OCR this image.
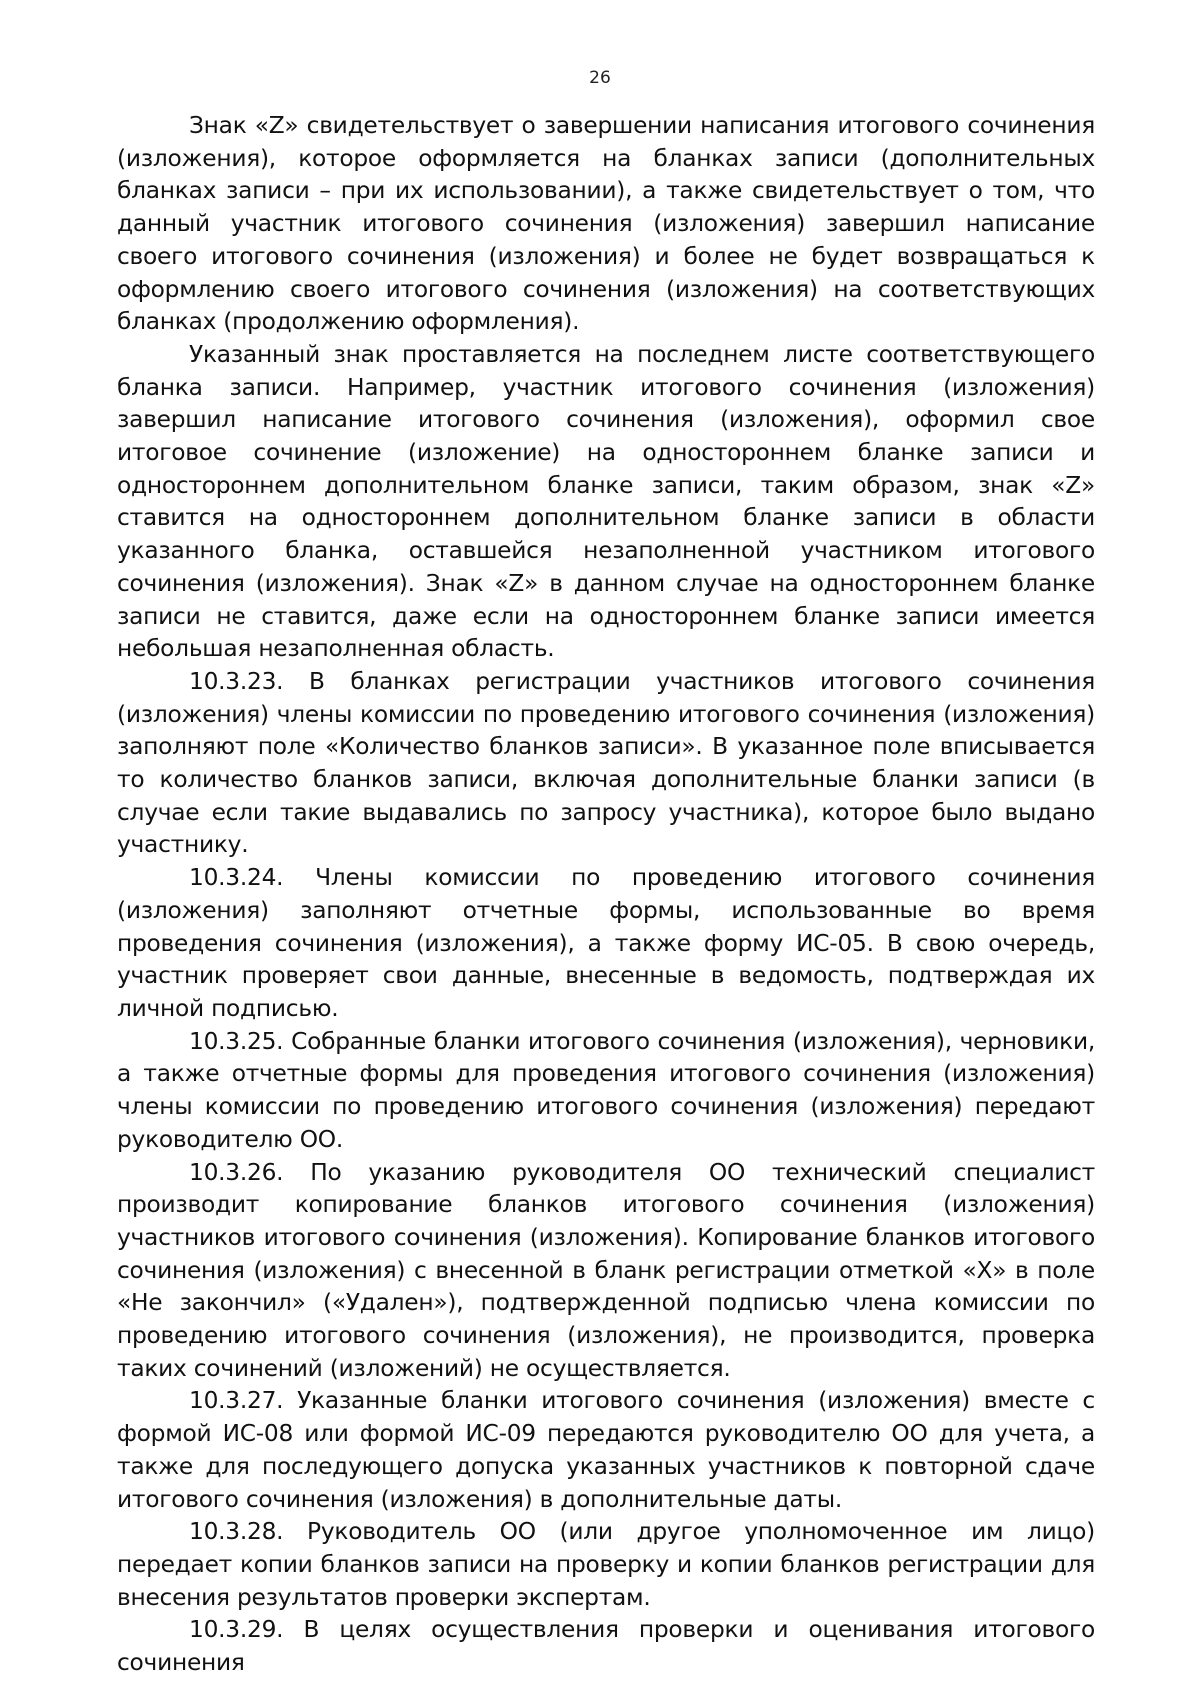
26

Знак «Z» свидетельствует о завершении написания итогового сочинения (изложения), которое оформляется на бланках записи (дополнительных бланках записи – при их использовании), а также свидетельствует о том, что данный участник итогового сочинения (изложения) завершил написание своего итогового сочинения (изложения) и более не будет возвращаться к оформлению своего итогового сочинения (изложения) на соответствующих бланках (продолжению оформления).

Указанный знак проставляется на последнем листе соответствующего бланка записи. Например, участник итогового сочинения (изложения) завершил написание итогового сочинения (изложения), оформил свое итоговое сочинение (изложение) на одностороннем бланке записи и одностороннем дополнительном бланке записи, таким образом, знак «Z» ставится на одностороннем дополнительном бланке записи в области указанного бланка, оставшейся незаполненной участником итогового сочинения (изложения). Знак «Z» в данном случае на одностороннем бланке записи не ставится, даже если на одностороннем бланке записи имеется небольшая незаполненная область.

10.3.23. В бланках регистрации участников итогового сочинения (изложения) члены комиссии по проведению итогового сочинения (изложения) заполняют поле «Количество бланков записи». В указанное поле вписывается то количество бланков записи, включая дополнительные бланки записи (в случае если такие выдавались по запросу участника), которое было выдано участнику.

10.3.24. Члены комиссии по проведению итогового сочинения (изложения) заполняют отчетные формы, использованные во время проведения сочинения (изложения), а также форму ИС-05. В свою очередь, участник проверяет свои данные, внесенные в ведомость, подтверждая их личной подписью.

10.3.25. Собранные бланки итогового сочинения (изложения), черновики, а также отчетные формы для проведения итогового сочинения (изложения) члены комиссии по проведению итогового сочинения (изложения) передают руководителю ОО.

10.3.26. По указанию руководителя ОО технический специалист производит копирование бланков итогового сочинения (изложения) участников итогового сочинения (изложения). Копирование бланков итогового сочинения (изложения) с внесенной в бланк регистрации отметкой «Х» в поле «Не закончил» («Удален»), подтвержденной подписью члена комиссии по проведению итогового сочинения (изложения), не производится, проверка таких сочинений (изложений) не осуществляется.

10.3.27. Указанные бланки итогового сочинения (изложения) вместе с формой ИС-08 или формой ИС-09 передаются руководителю ОО для учета, а также для последующего допуска указанных участников к повторной сдаче итогового сочинения (изложения) в дополнительные даты.

10.3.28. Руководитель ОО (или другое уполномоченное им лицо) передает копии бланков записи на проверку и копии бланков регистрации для внесения результатов проверки экспертам.

10.3.29. В целях осуществления проверки и оценивания итогового сочинения
